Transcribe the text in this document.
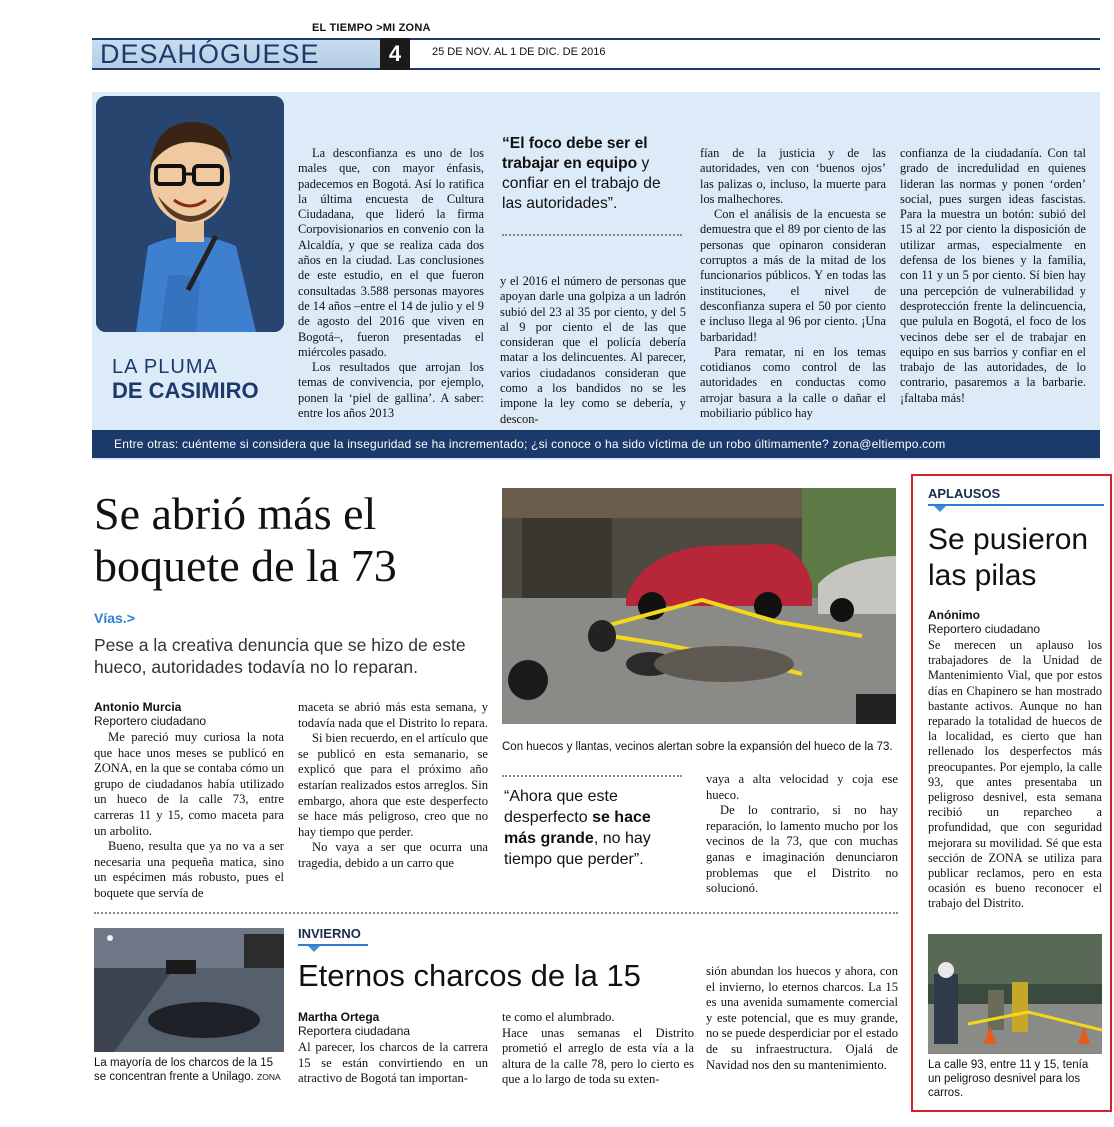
EL TIEMPO >MI ZONA
DESAHÓGUESE	4	25 DE NOV. AL 1 DE DIC. DE 2016
LA PLUMA
DE CASIMIRO

La desconfianza es uno de los males que, con mayor énfasis, padecemos en Bogotá. Así lo ratifica la última encuesta de Cultura Ciudadana, que lideró la firma Corpovisionarios en convenio con la Alcaldía, y que se realiza cada dos años en la ciudad. Las conclusiones de este estudio, en el que fueron consultadas 3.588 personas mayores de 14 años –entre el 14 de julio y el 9 de agosto del 2016 que viven en Bogotá–, fueron presentadas el miércoles pasado.

Los resultados que arrojan los temas de convivencia, por ejemplo, ponen la ‘piel de gallina’. A saber: entre los años 2013

“El foco debe ser el trabajar en equipo y confiar en el trabajo de las autoridades”.

y el 2016 el número de personas que apoyan darle una golpiza a un ladrón subió del 23 al 35 por ciento, y del 5 al 9 por ciento el de las que consideran que el policía debería matar a los delincuentes. Al parecer, varios ciudadanos consideran que como a los bandidos no se les impone la ley como se debería, y descon-

fían de la justicia y de las autoridades, ven con ‘buenos ojos’ las palizas o, incluso, la muerte para los malhechores.

Con el análisis de la encuesta se demuestra que el 89 por ciento de las personas que opinaron consideran corruptos a más de la mitad de los funcionarios públicos. Y en todas las instituciones, el nivel de desconfianza supera el 50 por ciento e incluso llega al 96 por ciento. ¡Una barbaridad!

Para rematar, ni en los temas cotidianos como control de las autoridades en conductas como arrojar basura a la calle o dañar el mobiliario público hay

confianza de la ciudadanía. Con tal grado de incredulidad en quienes lideran las normas y ponen ‘orden’ social, pues surgen ideas fascistas. Para la muestra un botón: subió del 15 al 22 por ciento la disposición de utilizar armas, especialmente en defensa de los bienes y la familia, con 11 y un 5 por ciento. Sí bien hay una percepción de vulnerabilidad y desprotección frente la delincuencia, que pulula en Bogotá, el foco de los vecinos debe ser el de trabajar en equipo en sus barrios y confiar en el trabajo de las autoridades, de lo contrario, pasaremos a la barbarie. ¡faltaba más!

Entre otras: cuénteme si considera que la inseguridad se ha incrementado; ¿si conoce o ha sido víctima de un robo últimamente? zona@eltiempo.com
Se abrió más el boquete de la 73
Vías.>
Pese a la creativa denuncia que se hizo de este hueco, autoridades todavía no lo reparan.
Antonio Murcia
Reportero ciudadano

Me pareció muy curiosa la nota que hace unos meses se publicó en ZONA, en la que se contaba cómo un grupo de ciudadanos había utilizado un hueco de la calle 73, entre carreras 11 y 15, como maceta para un arbolito.

Bueno, resulta que ya no va a ser necesaria una pequeña matica, sino un espécimen más robusto, pues el boquete que servía de

maceta se abrió más esta semana, y todavía nada que el Distrito lo repara.

Si bien recuerdo, en el artículo que se publicó en esta semanario, se explicó que para el próximo año estarían realizados estos arreglos. Sin embargo, ahora que este desperfecto se hace más peligroso, creo que no hay tiempo que perder.

No vaya a ser que ocurra una tragedia, debido a un carro que

Con huecos y llantas, vecinos alertan sobre la expansión del hueco de la 73.
“Ahora que este desperfecto se hace más grande, no hay tiempo que perder”.

vaya a alta velocidad y coja ese hueco.

De lo contrario, si no hay reparación, lo lamento mucho por los vecinos de la 73, que con muchas ganas e imaginación denunciaron problemas que el Distrito no solucionó.

La mayoría de los charcos de la 15 se concentran frente a Unilago. ZONA
INVIERNO
Eternos charcos de la 15
Martha Ortega
Reportera ciudadana

Al parecer, los charcos de la carrera 15 se están convirtiendo en un atractivo de Bogotá tan importan-

te como el alumbrado.

Hace unas semanas el Distrito prometió el arreglo de esta vía a la altura de la calle 78, pero lo cierto es que a lo largo de toda su exten-

sión abundan los huecos y ahora, con el invierno, lo eternos charcos. La 15 es una avenida sumamente comercial y este potencial, que es muy grande, no se puede desperdiciar por el estado de su infraestructura. Ojalá de Navidad nos den su mantenimiento.

APLAUSOS
Se pusieron las pilas
Anónimo
Reportero ciudadano

Se merecen un aplauso los trabajadores de la Unidad de Mantenimiento Vial, que por estos días en Chapinero se han mostrado bastante activos. Aunque no han reparado la totalidad de huecos de la localidad, es cierto que han rellenado los desperfectos más preocupantes. Por ejemplo, la calle 93, que antes presentaba un peligroso desnivel, esta semana recibió un reparcheo a profundidad, que con seguridad mejorara su movilidad. Sé que esta sección de ZONA se utiliza para publicar reclamos, pero en esta ocasión es bueno reconocer el trabajo del Distrito.

La calle 93, entre 11 y 15, tenía un peligroso desnivel para los carros.
